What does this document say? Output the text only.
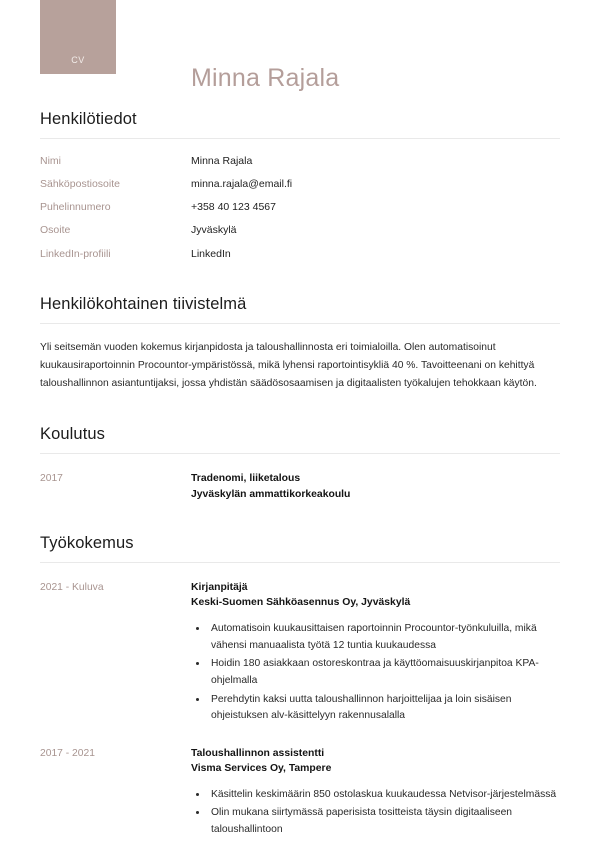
CV
Minna Rajala
Henkilötiedot
Nimi	Minna Rajala
Sähköpostiosoite	minna.rajala@email.fi
Puhelinnumero	+358 40 123 4567
Osoite	Jyväskylä
LinkedIn-profiili	LinkedIn
Henkilökohtainen tiivistelmä

Yli seitsemän vuoden kokemus kirjanpidosta ja taloushallinnosta eri toimialoilla. Olen automatisoinut kuukausiraportoinnin Procountor-ympäristössä, mikä lyhensi raportointisykliä 40 %. Tavoitteenani on kehittyä taloushallinnon asiantuntijaksi, jossa yhdistän säädösosaamisen ja digitaalisten työkalujen tehokkaan käytön.

Koulutus
2017	Tradenomi, liiketalous
Jyväskylän ammattikorkeakoulu
Työkokemus
2021 - Kuluva	Kirjanpitäjä
Keski-Suomen Sähköasennus Oy, Jyväskylä
• Automatisoin kuukausittaisen raportoinnin Procountor-työnkuluilla, mikä vähensi manuaalista työtä 12 tuntia kuukaudessa
• Hoidin 180 asiakkaan ostoreskontraa ja käyttöomaisuuskirjanpitoa KPA-ohjelmalla
• Perehdytin kaksi uutta taloushallinnon harjoittelijaa ja loin sisäisen ohjeistuksen alv-käsittelyyn rakennusalalla
2017 - 2021	Taloushallinnon assistentti
Visma Services Oy, Tampere
• Käsittelin keskimäärin 850 ostolaskua kuukaudessa Netvisor-järjestelmässä
• Olin mukana siirtymässä paperisista tositteista täysin digitaaliseen taloushallintoon
